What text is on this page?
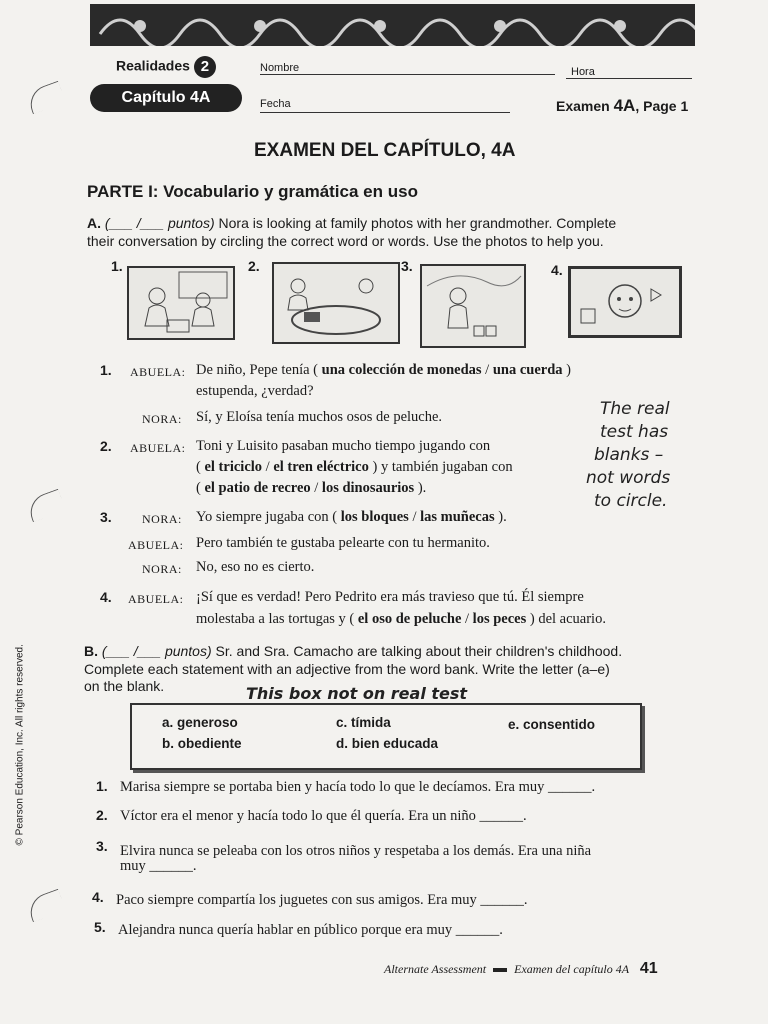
Realidades 2	Nombre	Hora
Capítulo 4A	Fecha	Examen 4A, Page 1
EXAMEN DEL CAPÍTULO, 4A
PARTE I: Vocabulario y gramática en uso
A. (___ /___ puntos) Nora is looking at family photos with her grandmother. Complete
their conversation by circling the correct word or words. Use the photos to help you.
1.	2.	3.	4.
1. ABUELA: De niño, Pepe tenía ( una colección de monedas / una cuerda )
estupenda, ¿verdad?
NORA: Sí, y Eloísa tenía muchos osos de peluche.
2. ABUELA: Toni y Luisito pasaban mucho tiempo jugando con
( el triciclo / el tren eléctrico ) y también jugaban con
( el patio de recreo / los dinosaurios ).
3.	NORA: Yo siempre jugaba con ( los bloques / las muñecas ).
ABUELA: Pero también te gustaba pelearte con tu hermanito.
NORA: No, eso no es cierto.
4. ABUELA: ¡Sí que es verdad! Pero Pedrito era más travieso que tú. Él siempre
molestaba a las tortugas y ( el oso de peluche / los peces ) del acuario.
The real
test has
blanks –
not words
to circle.
B. (___ /___ puntos) Sr. and Sra. Camacho are talking about their children's childhood.
Complete each statement with an adjective from the word bank. Write the letter (a–e)
on the blank.	This box not on real test
a. generoso
b. obediente
c. tímida
d. bien educada
e. consentido
1. Marisa siempre se portaba bien y hacía todo lo que le decíamos. Era muy ______.
2. Víctor era el menor y hacía todo lo que él quería. Era un niño ______.
3. Elvira nunca se peleaba con los otros niños y respetaba a los demás. Era una niña
muy ______.
4. Paco siempre compartía los juguetes con sus amigos. Era muy ______.
5. Alejandra nunca quería hablar en público porque era muy ______.
Alternate Assessment Examen del capítulo 4A 41
© Pearson Education, Inc. All rights reserved.
